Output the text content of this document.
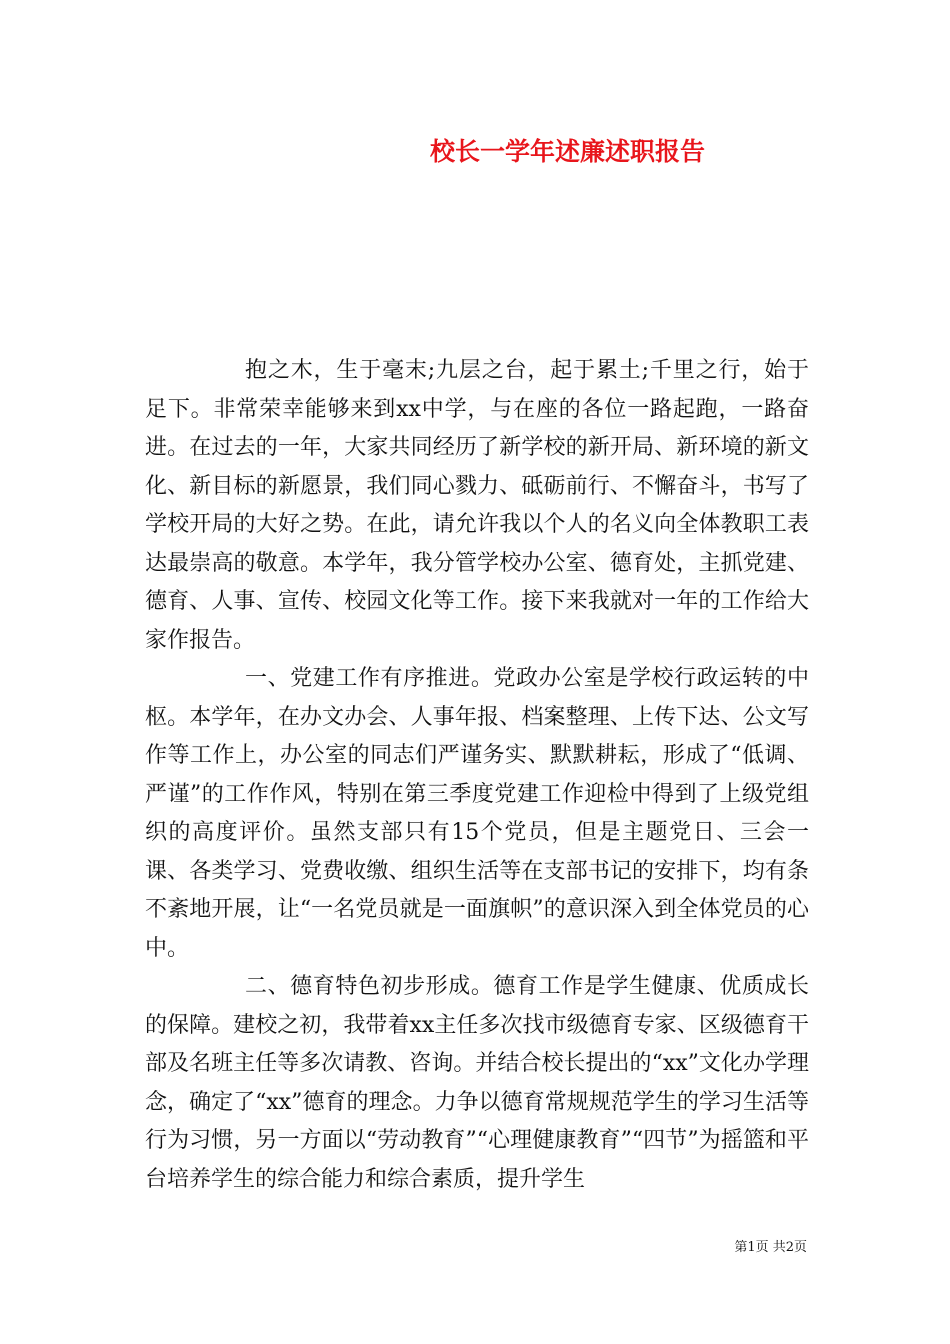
校长一学年述廉述职报告

抱之木，生于毫末;九层之台，起于累土;千里之行，始于足下。非常荣幸能够来到xx中学，与在座的各位一路起跑，一路奋进。在过去的一年，大家共同经历了新学校的新开局、新环境的新文化、新目标的新愿景，我们同心戮力、砥砺前行、不懈奋斗，书写了学校开局的大好之势。在此，请允许我以个人的名义向全体教职工表达最崇高的敬意。本学年，我分管学校办公室、德育处，主抓党建、德育、人事、宣传、校园文化等工作。接下来我就对一年的工作给大家作报告。

一、党建工作有序推进。党政办公室是学校行政运转的中枢。本学年，在办文办会、人事年报、档案整理、上传下达、公文写作等工作上，办公室的同志们严谨务实、默默耕耘，形成了“低调、严谨”的工作作风，特别在第三季度党建工作迎检中得到了上级党组织的高度评价。虽然支部只有15个党员，但是主题党日、三会一课、各类学习、党费收缴、组织生活等在支部书记的安排下，均有条不紊地开展，让“一名党员就是一面旗帜”的意识深入到全体党员的心中。

二、德育特色初步形成。德育工作是学生健康、优质成长的保障。建校之初，我带着xx主任多次找市级德育专家、区级德育干部及名班主任等多次请教、咨询。并结合校长提出的“xx”文化办学理念，确定了“xx”德育的理念。力争以德育常规规范学生的学习生活等行为习惯，另一方面以“劳动教育”“心理健康教育”“四节”为摇篮和平台培养学生的综合能力和综合素质，提升学生

第1页 共2页
